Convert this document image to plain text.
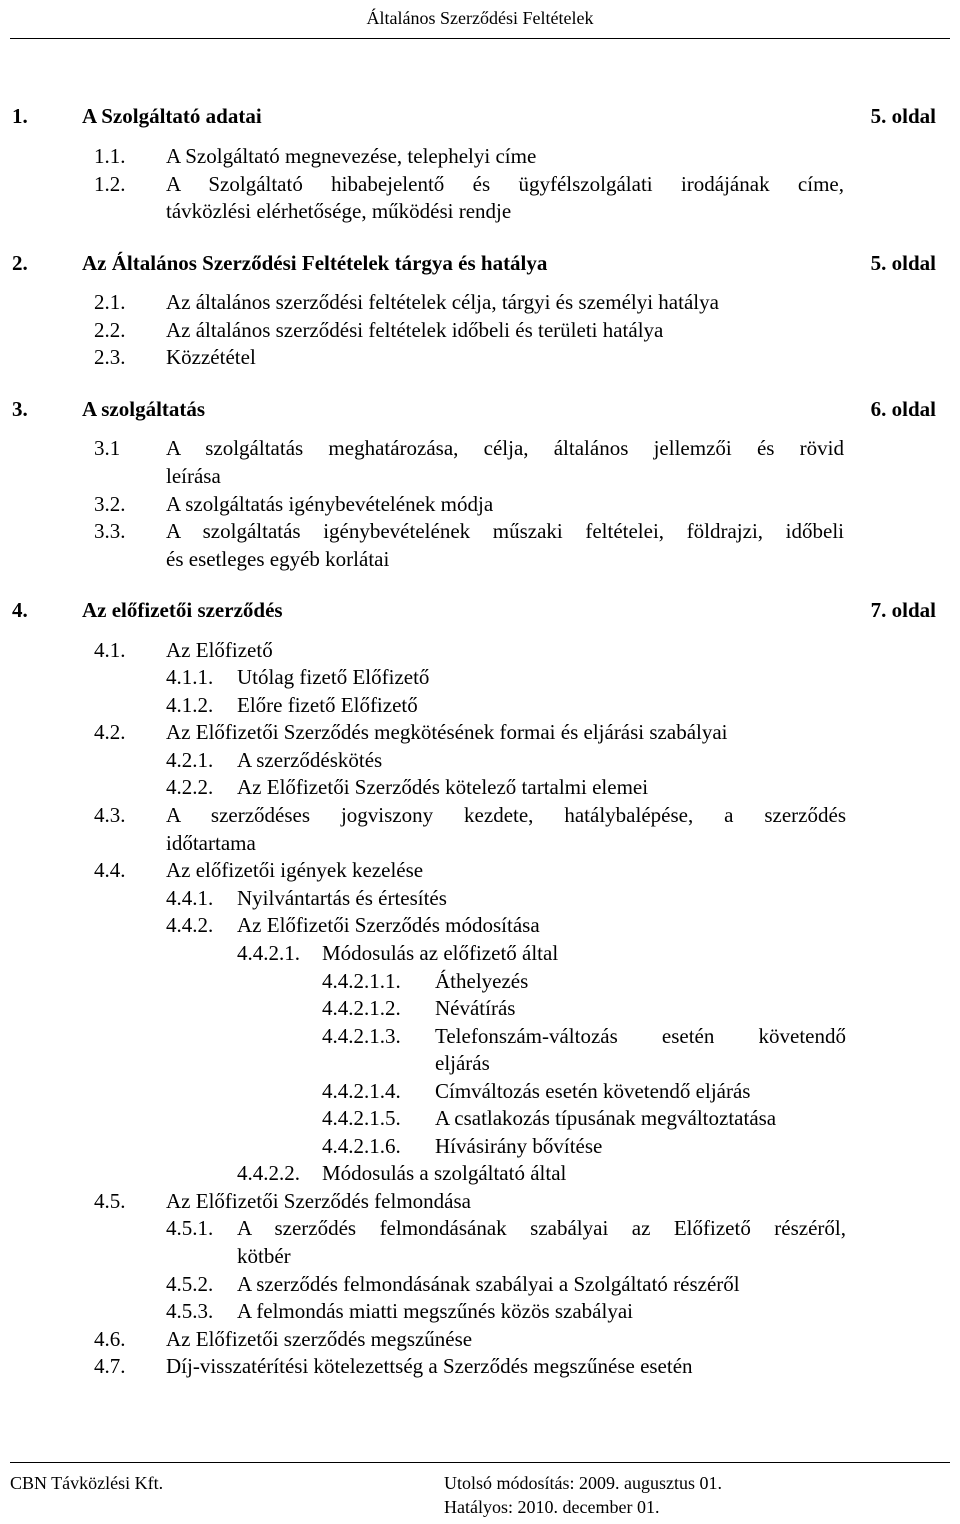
Általános Szerződési Feltételek
1.	A Szolgáltató adatai	5. oldal
1.1. A Szolgáltató megnevezése, telephelyi címe
1.2. A Szolgáltató hibabejelentő és ügyfélszolgálati irodájának címe,
távközlési elérhetősége, működési rendje
2.	Az Általános Szerződési Feltételek tárgya és hatálya	5. oldal
2.1. Az általános szerződési feltételek célja, tárgyi és személyi hatálya
2.2. Az általános szerződési feltételek időbeli és területi hatálya
2.3. Közzététel
3.	A szolgáltatás	6. oldal
3.1 A szolgáltatás meghatározása, célja, általános jellemzői és rövid
leírása
3.2. A szolgáltatás igénybevételének módja
3.3. A szolgáltatás igénybevételének műszaki feltételei, földrajzi, időbeli
és esetleges egyéb korlátai
4.	Az előfizetői szerződés	7. oldal
4.1. Az Előfizető
4.1.1. Utólag fizető Előfizető
4.1.2. Előre fizető Előfizető
4.2. Az Előfizetői Szerződés megkötésének formai és eljárási szabályai
4.2.1. A szerződéskötés
4.2.2. Az Előfizetői Szerződés kötelező tartalmi elemei
4.3. A szerződéses jogviszony kezdete, hatálybalépése, a szerződés
időtartama
4.4. Az előfizetői igények kezelése
4.4.1. Nyilvántartás és értesítés
4.4.2. Az Előfizetői Szerződés módosítása
4.4.2.1. Módosulás az előfizető által
4.4.2.1.1. Áthelyezés
4.4.2.1.2. Névátírás
4.4.2.1.3. Telefonszám-változás esetén követendő
eljárás
4.4.2.1.4. Címváltozás esetén követendő eljárás
4.4.2.1.5. A csatlakozás típusának megváltoztatása
4.4.2.1.6. Hívásirány bővítése
4.4.2.2. Módosulás a szolgáltató által
4.5. Az Előfizetői Szerződés felmondása
4.5.1. A szerződés felmondásának szabályai az Előfizető részéről,
kötbér
4.5.2. A szerződés felmondásának szabályai a Szolgáltató részéről
4.5.3. A felmondás miatti megszűnés közös szabályai
4.6. Az Előfizetői szerződés megszűnése
4.7. Díj-visszatérítési kötelezettség a Szerződés megszűnése esetén
CBN Távközlési Kft.	Utolsó módosítás: 2009. augusztus 01.
Hatályos: 2010. december 01.
